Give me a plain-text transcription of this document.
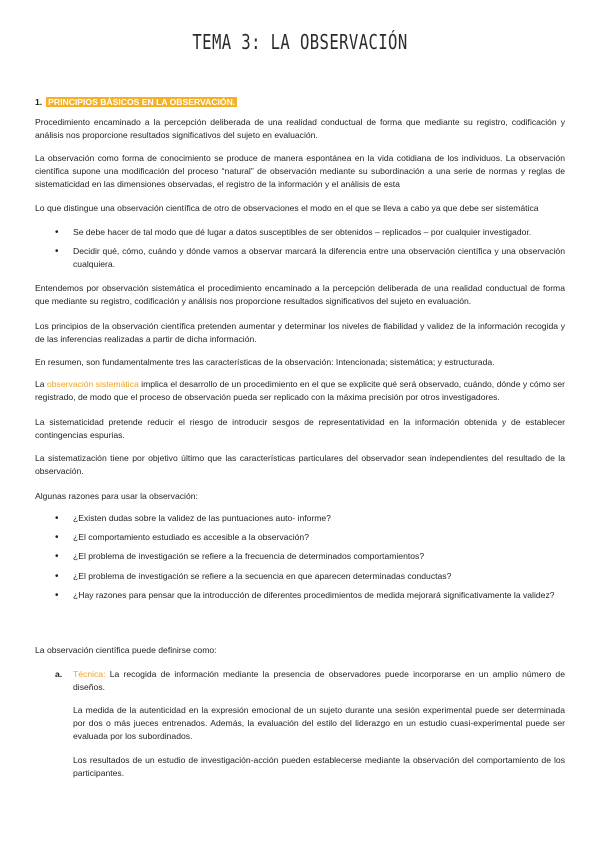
TEMA 3: LA OBSERVACIÓN
1. PRINCIPIOS BÁSICOS EN LA OBSERVACIÓN.

Procedimiento encaminado a la percepción deliberada de una realidad conductual de forma que mediante su registro, codificación y análisis nos proporcione resultados significativos del sujeto en evaluación.

La observación como forma de conocimiento se produce de manera espontánea en la vida cotidiana de los individuos. La observación científica supone una modificación del proceso “natural” de observación mediante su subordinación a una serie de normas y reglas de sistematicidad en las dimensiones observadas, el registro de la información y el análisis de esta

Lo que distingue una observación científica de otro de observaciones el modo en el que se lleva a cabo ya que debe ser sistemática

• Se debe hacer de tal modo que dé lugar a datos susceptibles de ser obtenidos – replicados – por cualquier investigador.
• Decidir qué, cómo, cuándo y dónde vamos a observar marcará la diferencia entre una observación científica y una observación cualquiera.

Entendemos por observación sistemática el procedimiento encaminado a la percepción deliberada de una realidad conductual de forma que mediante su registro, codificación y análisis nos proporcione resultados significativos del sujeto en evaluación.

Los principios de la observación científica pretenden aumentar y determinar los niveles de fiabilidad y validez de la información recogida y de las inferencias realizadas a partir de dicha información.

En resumen, son fundamentalmente tres las características de la observación: Intencionada; sistemática; y estructurada.

La observación sistemática implica el desarrollo de un procedimiento en el que se explicite qué será observado, cuándo, dónde y cómo ser registrado, de modo que el proceso de observación pueda ser replicado con la máxima precisión por otros investigadores.

La sistematicidad pretende reducir el riesgo de introducir sesgos de representatividad en la información obtenida y de establecer contingencias espurias.

La sistematización tiene por objetivo último que las características particulares del observador sean independientes del resultado de la observación.

Algunas razones para usar la observación:

• ¿Existen dudas sobre la validez de las puntuaciones auto- informe?
• ¿El comportamiento estudiado es accesible a la observación?
• ¿El problema de investigación se refiere a la frecuencia de determinados comportamientos?
• ¿El problema de investigación se refiere a la secuencia en que aparecen determinadas conductas?
• ¿Hay razones para pensar que la introducción de diferentes procedimientos de medida mejorará significativamente la validez?

La observación científica puede definirse como:

a. Técnica: La recogida de información mediante la presencia de observadores puede incorporarse en un amplio número de diseños.

La medida de la autenticidad en la expresión emocional de un sujeto durante una sesión experimental puede ser determinada por dos o más jueces entrenados. Además, la evaluación del estilo del liderazgo en un estudio cuasi-experimental puede ser evaluada por los subordinados.

Los resultados de un estudio de investigación-acción pueden establecerse mediante la observación del comportamiento de los participantes.
